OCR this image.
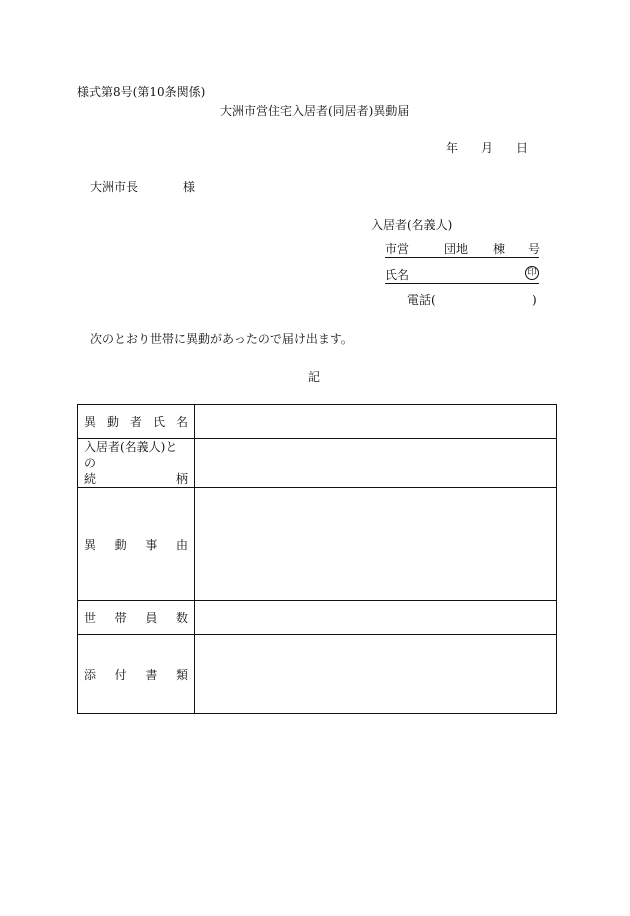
様式第8号(第10条関係)
大洲市営住宅入居者(同居者)異動届
年 月 日
大洲市長	様
入居者(名義人)
市営	団地 棟 号
氏名	印
電話(	)
次のとおり世帯に異動があったので届け出ます。
記
異 動 者 氏 名	

入居者(名義人)との
続 柄	

異 動 事 由	

世 帯 員 数	

添 付 書 類	
